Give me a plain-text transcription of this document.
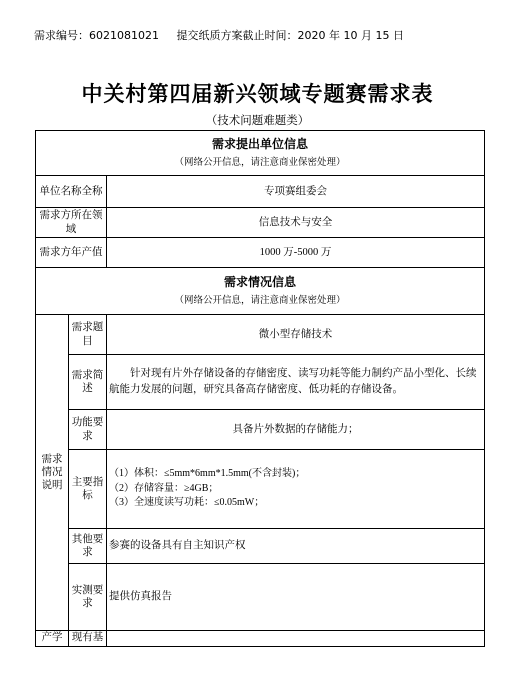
需求编号：6021081021 提交纸质方案截止时间：2020 年 10 月 15 日
中关村第四届新兴领域专题赛需求表
（技术问题难题类）
需求提出单位信息
（网络公开信息，请注意商业保密处理）		

单位名称全称		专项赛组委会
需求方所在领域		信息技术与安全
需求方年产值		1000 万-5000 万

需求情况信息
（网络公开信息，请注意商业保密处理）		

需求情况说明	需求题目	微小型存储技术
	需求简述	针对现有片外存储设备的存储密度、读写功耗等能力制约产品小型化、长续航能力发展的问题，研究具备高存储密度、低功耗的存储设备。
	功能要求	具备片外数据的存储能力；
	主要指标	（1）体积：≤5mm*6mm*1.5mm(不含封装)；
（2）存储容量：≥4GB；
（3）全速度读写功耗：≤0.05mW；

	其他要求	参赛的设备具有自主知识产权
	实测要求	提供仿真报告
产学	现有基	
